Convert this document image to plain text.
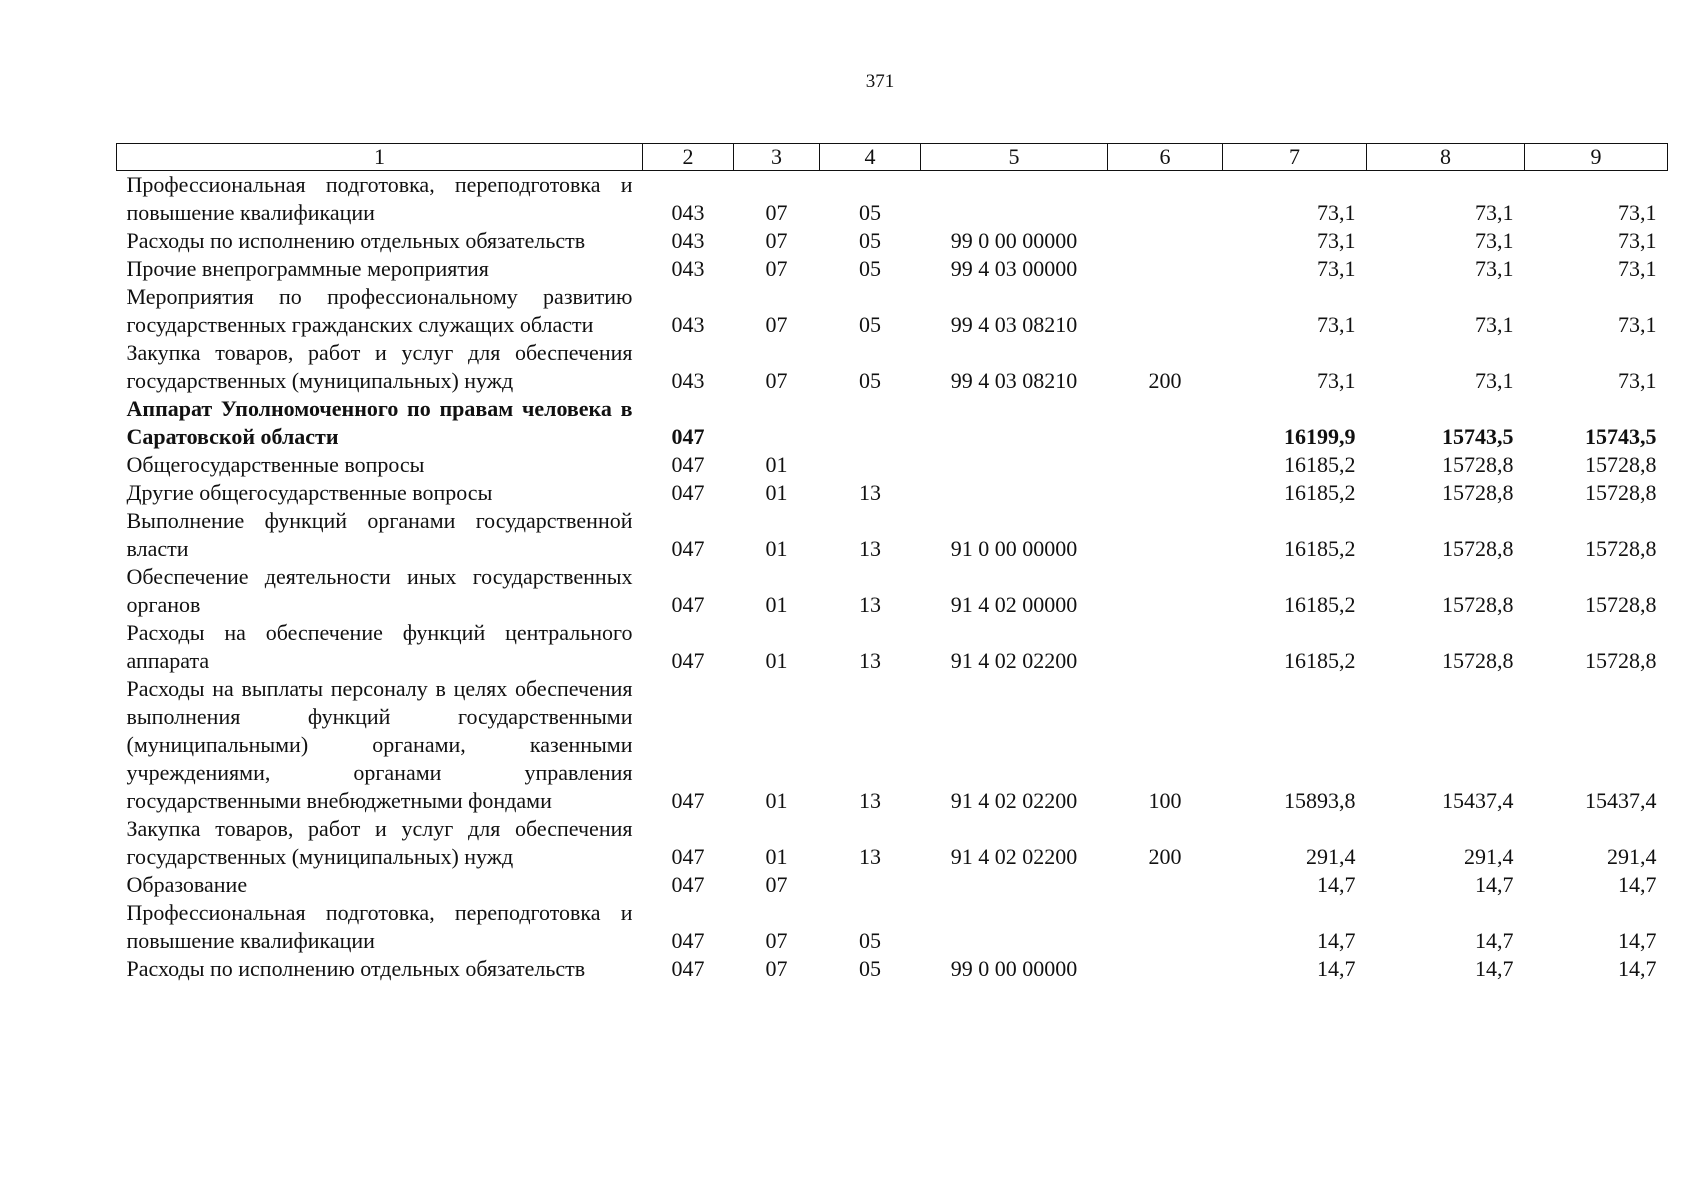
371
1	2	3	4	5	6	7	8	9
Профессиональная подготовка, переподготовка и повышение квалификации	043	07	05			73,1	73,1	73,1
Расходы по исполнению отдельных обязательств	043	07	05	99 0 00 00000		73,1	73,1	73,1
Прочие внепрограммные мероприятия	043	07	05	99 4 03 00000		73,1	73,1	73,1
Мероприятия по профессиональному развитию государственных гражданских служащих области	043	07	05	99 4 03 08210		73,1	73,1	73,1
Закупка товаров, работ и услуг для обеспечения государственных (муниципальных) нужд	043	07	05	99 4 03 08210	200	73,1	73,1	73,1
Аппарат Уполномоченного по правам человека в Саратовской области	047					16199,9	15743,5	15743,5
Общегосударственные вопросы	047	01				16185,2	15728,8	15728,8
Другие общегосударственные вопросы	047	01	13			16185,2	15728,8	15728,8
Выполнение функций органами государственной власти	047	01	13	91 0 00 00000		16185,2	15728,8	15728,8
Обеспечение деятельности иных государственных органов	047	01	13	91 4 02 00000		16185,2	15728,8	15728,8
Расходы на обеспечение функций центрального аппарата	047	01	13	91 4 02 02200		16185,2	15728,8	15728,8
Расходы на выплаты персоналу в целях обеспечения выполнения функций государственными (муниципальными) органами, казенными учреждениями, органами управления государственными внебюджетными фондами	047	01	13	91 4 02 02200	100	15893,8	15437,4	15437,4
Закупка товаров, работ и услуг для обеспечения государственных (муниципальных) нужд	047	01	13	91 4 02 02200	200	291,4	291,4	291,4
Образование	047	07				14,7	14,7	14,7
Профессиональная подготовка, переподготовка и повышение квалификации	047	07	05			14,7	14,7	14,7
Расходы по исполнению отдельных обязательств	047	07	05	99 0 00 00000		14,7	14,7	14,7
